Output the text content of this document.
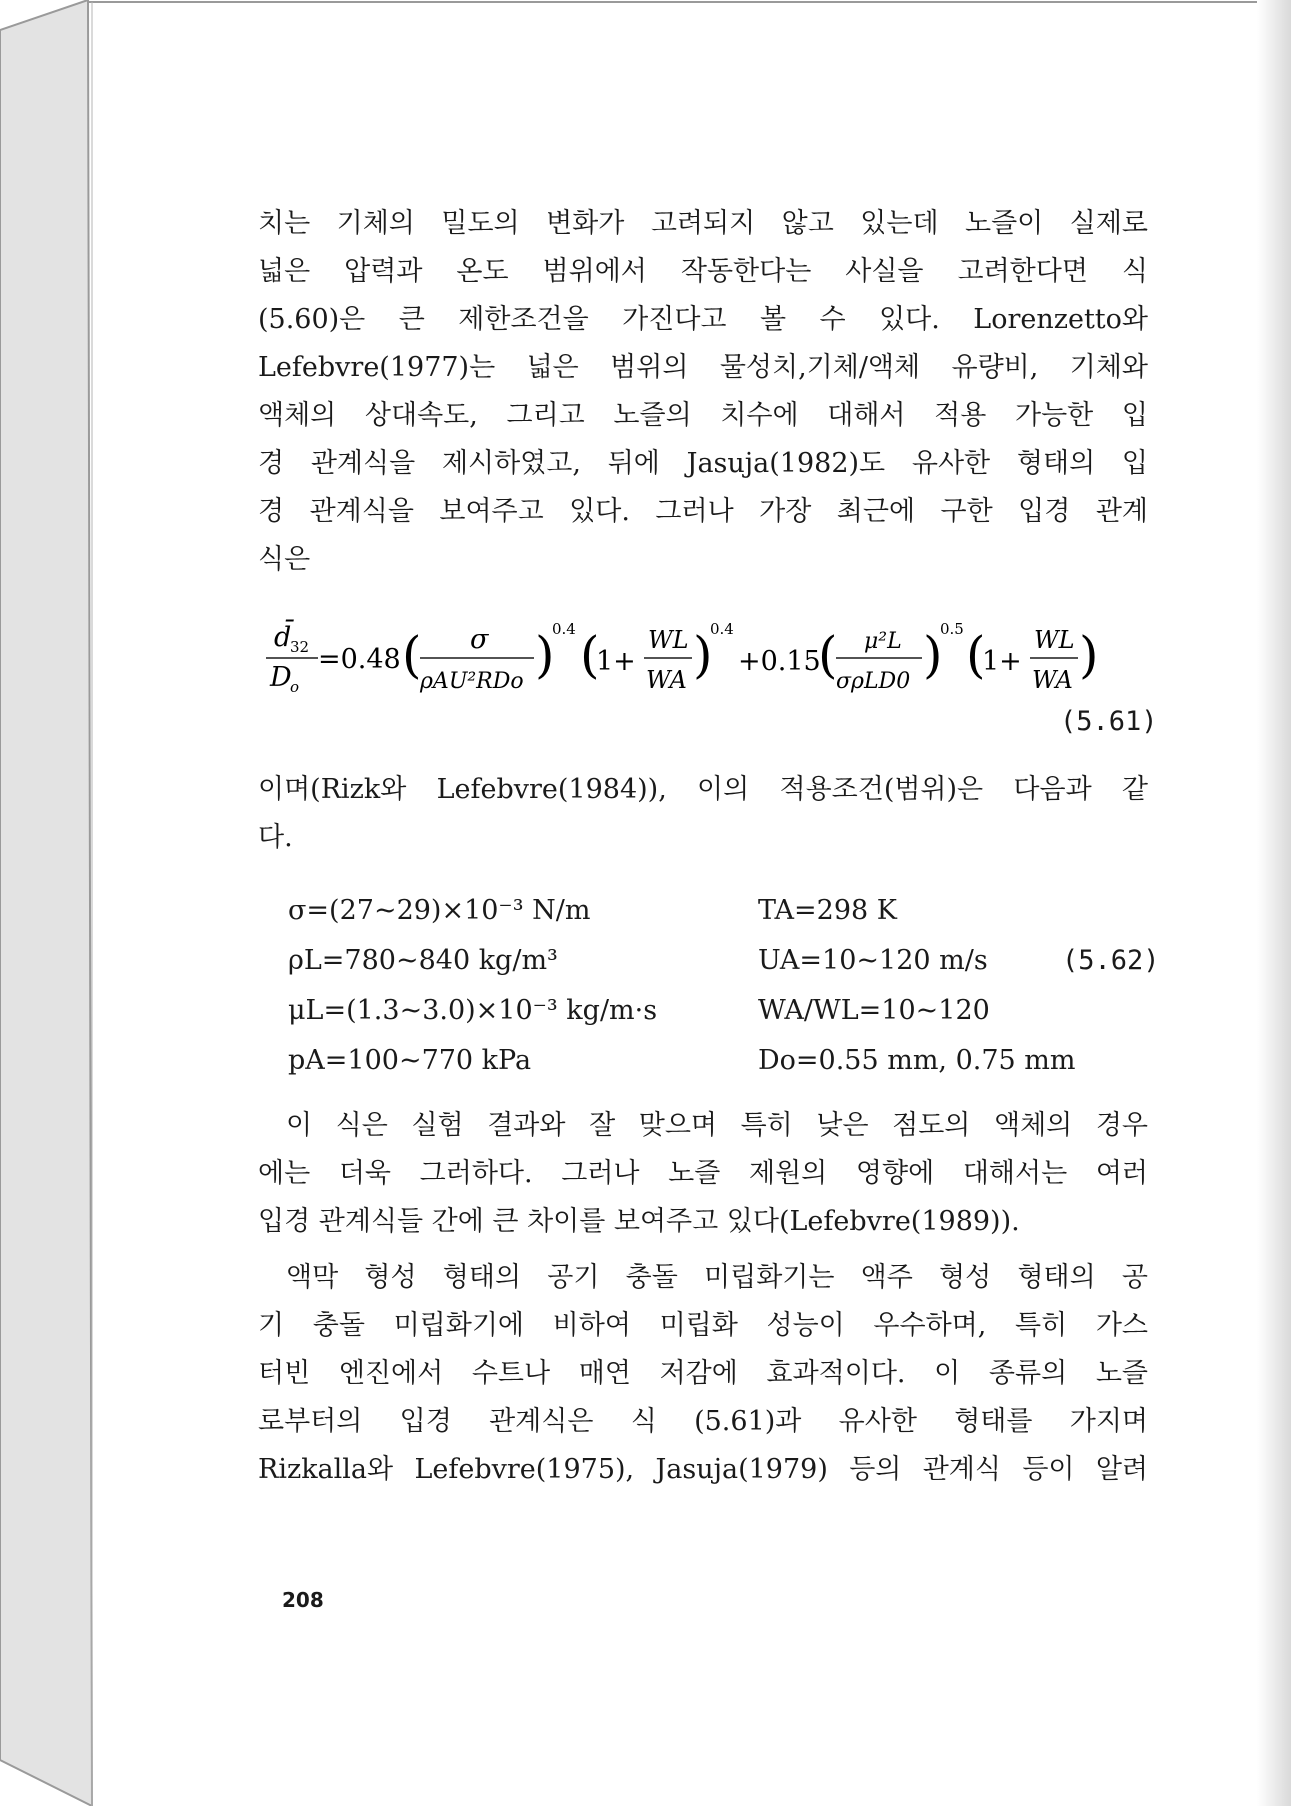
치는 기체의 밀도의 변화가 고려되지 않고 있는데 노즐이 실제로
넓은 압력과 온도 범위에서 작동한다는 사실을 고려한다면 식
(5.60)은 큰 제한조건을 가진다고 볼 수 있다. Lorenzetto와
Lefebvre(1977)는 넓은 범위의 물성치,기체/액체 유량비, 기체와
액체의 상대속도, 그리고 노즐의 치수에 대해서 적용 가능한 입
경 관계식을 제시하였고, 뒤에 Jasuja(1982)도 유사한 형태의 입
경 관계식을 보여주고 있다. 그러나 가장 최근에 구한 입경 관계
식은
d̄
32
D
o
=0.48 ( σ
ρAU²RDo )
0.4 (
1+
WL
WA )
0.4
+0.15
( μ²L
σρLD0 )
0.5 (
1+
WL
WA )
(5.61)
이며(Rizk와 Lefebvre(1984)), 이의 적용조건(범위)은 다음과 같
다.
σ=(27~29)×10⁻³ N/m	TA=298 K
ρL=780~840 kg/m³	UA=10~120 m/s	(5.62)
μL=(1.3~3.0)×10⁻³ kg/m·s	WA/WL=10~120
pA=100~770 kPa	Do=0.55 mm, 0.75 mm
이 식은 실험 결과와 잘 맞으며 특히 낮은 점도의 액체의 경우
에는 더욱 그러하다. 그러나 노즐 제원의 영향에 대해서는 여러
입경 관계식들 간에 큰 차이를 보여주고 있다(Lefebvre(1989)).
액막 형성 형태의 공기 충돌 미립화기는 액주 형성 형태의 공
기 충돌 미립화기에 비하여 미립화 성능이 우수하며, 특히 가스
터빈 엔진에서 수트나 매연 저감에 효과적이다. 이 종류의 노즐
로부터의 입경 관계식은 식 (5.61)과 유사한 형태를 가지며
Rizkalla와 Lefebvre(1975), Jasuja(1979) 등의 관계식 등이 알려
208
